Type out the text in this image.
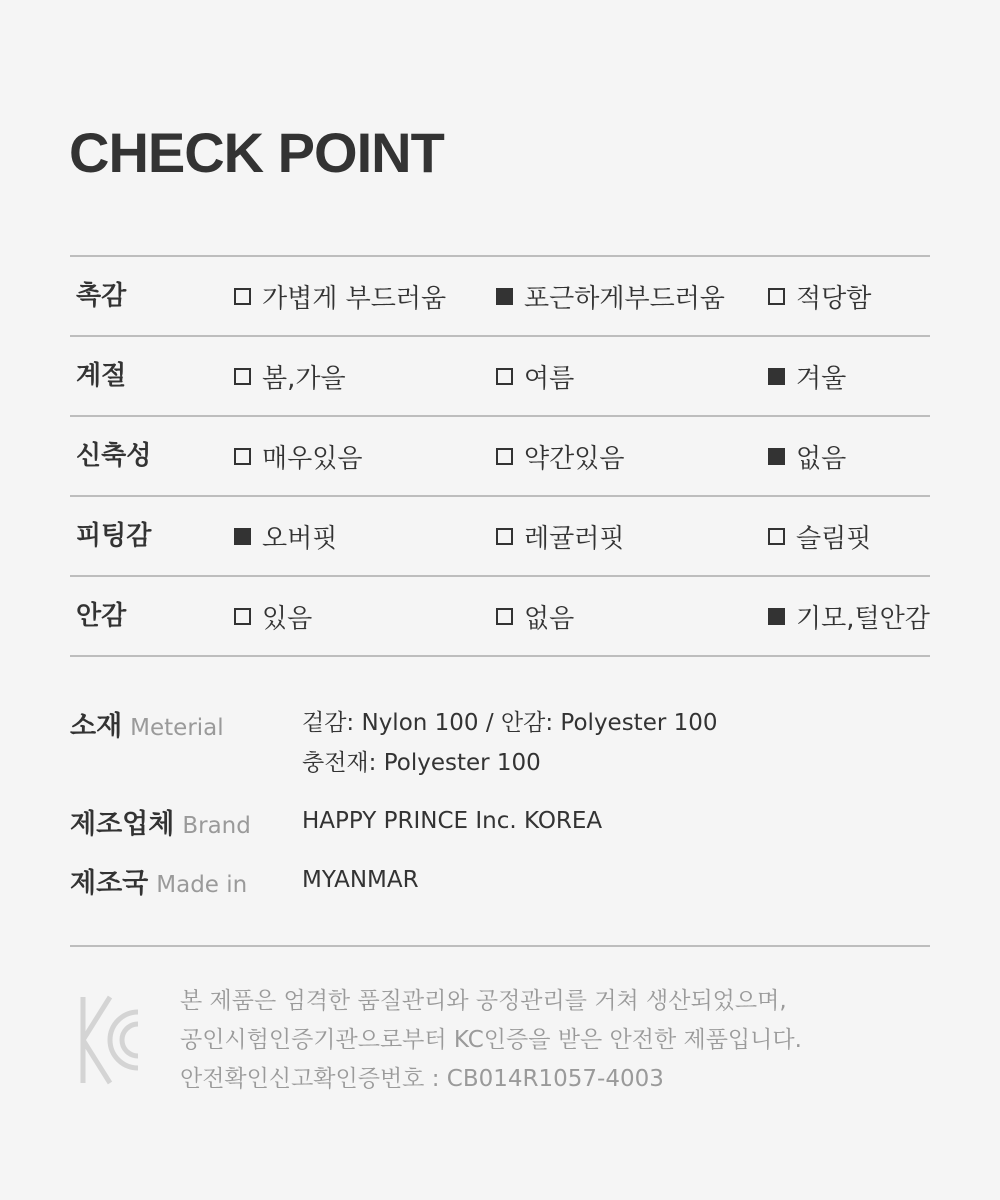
CHECK POINT
촉감	가볍게 부드러움	포근하게부드러움	적당함
계절	봄,가을	여름	겨울
신축성	매우있음	약간있음	없음
피팅감	오버핏	레귤러핏	슬림핏
안감	있음	없음	기모,털안감
소재 Meterial	겉감: Nylon 100 / 안감: Polyester 100
충전재: Polyester 100
제조업체 Brand HAPPY PRINCE Inc. KOREA
제조국 Made in MYANMAR
본 제품은 엄격한 품질관리와 공정관리를 거쳐 생산되었으며,
공인시험인증기관으로부터 KC인증을 받은 안전한 제품입니다.
안전확인신고확인증번호 : CB014R1057-4003
